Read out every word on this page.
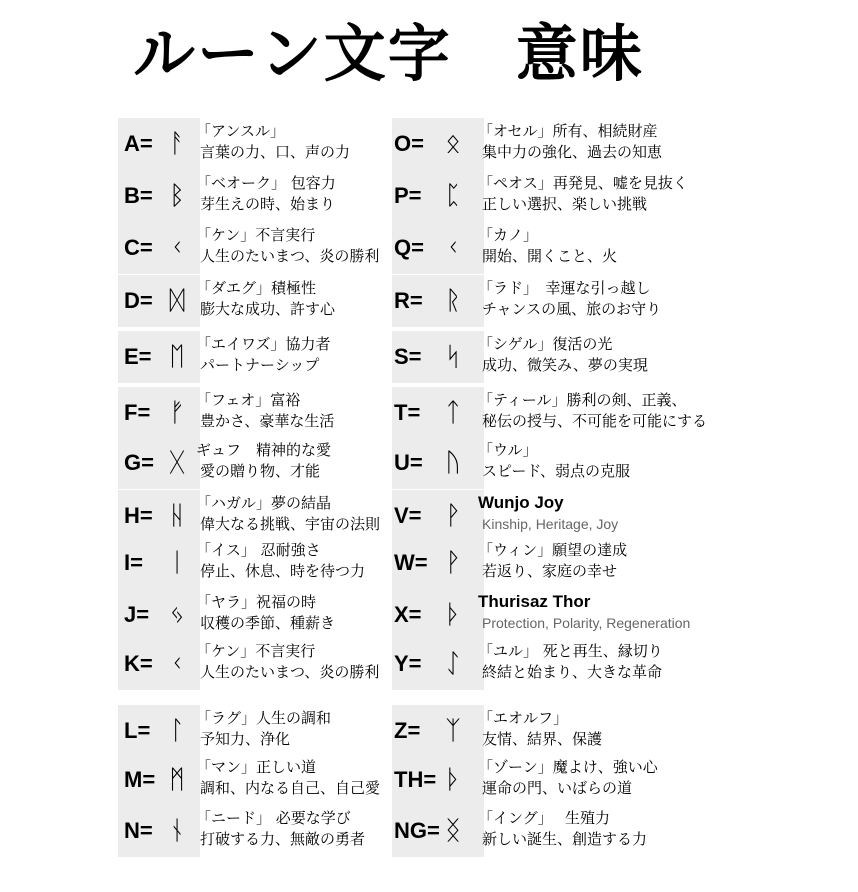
ルーン文字　意味
A= ᚨ 「アンスル」
言葉の力、口、声の力
B= ᛒ 「ベオーク」 包容力
芽生えの時、始まり
C= ᚲ 「ケン」不言実行
人生のたいまつ、炎の勝利
D= ᛞ 「ダエグ」積極性
膨大な成功、許す心
E= ᛖ 「エイワズ」協力者
パートナーシップ
F= ᚠ 「フェオ」富裕
豊かさ、豪華な生活
G= ᚷ ギュフ　精神的な愛
愛の贈り物、才能
H= ᚺ 「ハガル」夢の結晶
偉大なる挑戦、宇宙の法則
I= ᛁ 「イス」 忍耐強さ
停止、休息、時を待つ力
J= ᛃ 「ヤラ」祝福の時
収穫の季節、種薪き
K= ᚲ 「ケン」不言実行
人生のたいまつ、炎の勝利
L= ᛚ 「ラグ」人生の調和
予知力、浄化
M= ᛗ 「マン」正しい道
調和、内なる自己、自己愛
N= ᚾ 「ニード」 必要な学び
打破する力、無敵の勇者
O= ᛟ	「オセル」所有、相続財産
集中力の強化、過去の知恵
P= ᛈ	「ペオス」再発見、嘘を見抜く
正しい選択、楽しい挑戦
Q= ᚲ	「カノ」
開始、開くこと、火
R= ᚱ	「ラド」　幸運な引っ越し
チャンスの風、旅のお守り
S= ᛋ	「シゲル」復活の光
成功、微笑み、夢の実現
T= ᛏ	「ティール」勝利の剣、正義、
秘伝の授与、不可能を可能にする
U= ᚢ	「ウル」
スピード、弱点の克服
V= ᚹ	Wunjo Joy
Kinship, Heritage, Joy
W= ᚹ	「ウィン」願望の達成
若返り、家庭の幸せ
X= ᚦ	Thurisaz Thor
Protection, Polarity, Regeneration
Y= ᛇ	「ユル」 死と再生、縁切り
終結と始まり、大きな革命
Z= ᛉ	「エオルフ」
友情、結界、保護
TH= ᚦ	「ゾーン」魔よけ、強い心
運命の門、いばらの道
NG= ᛝ	「イング」　 生殖力
新しい誕生、創造する力
